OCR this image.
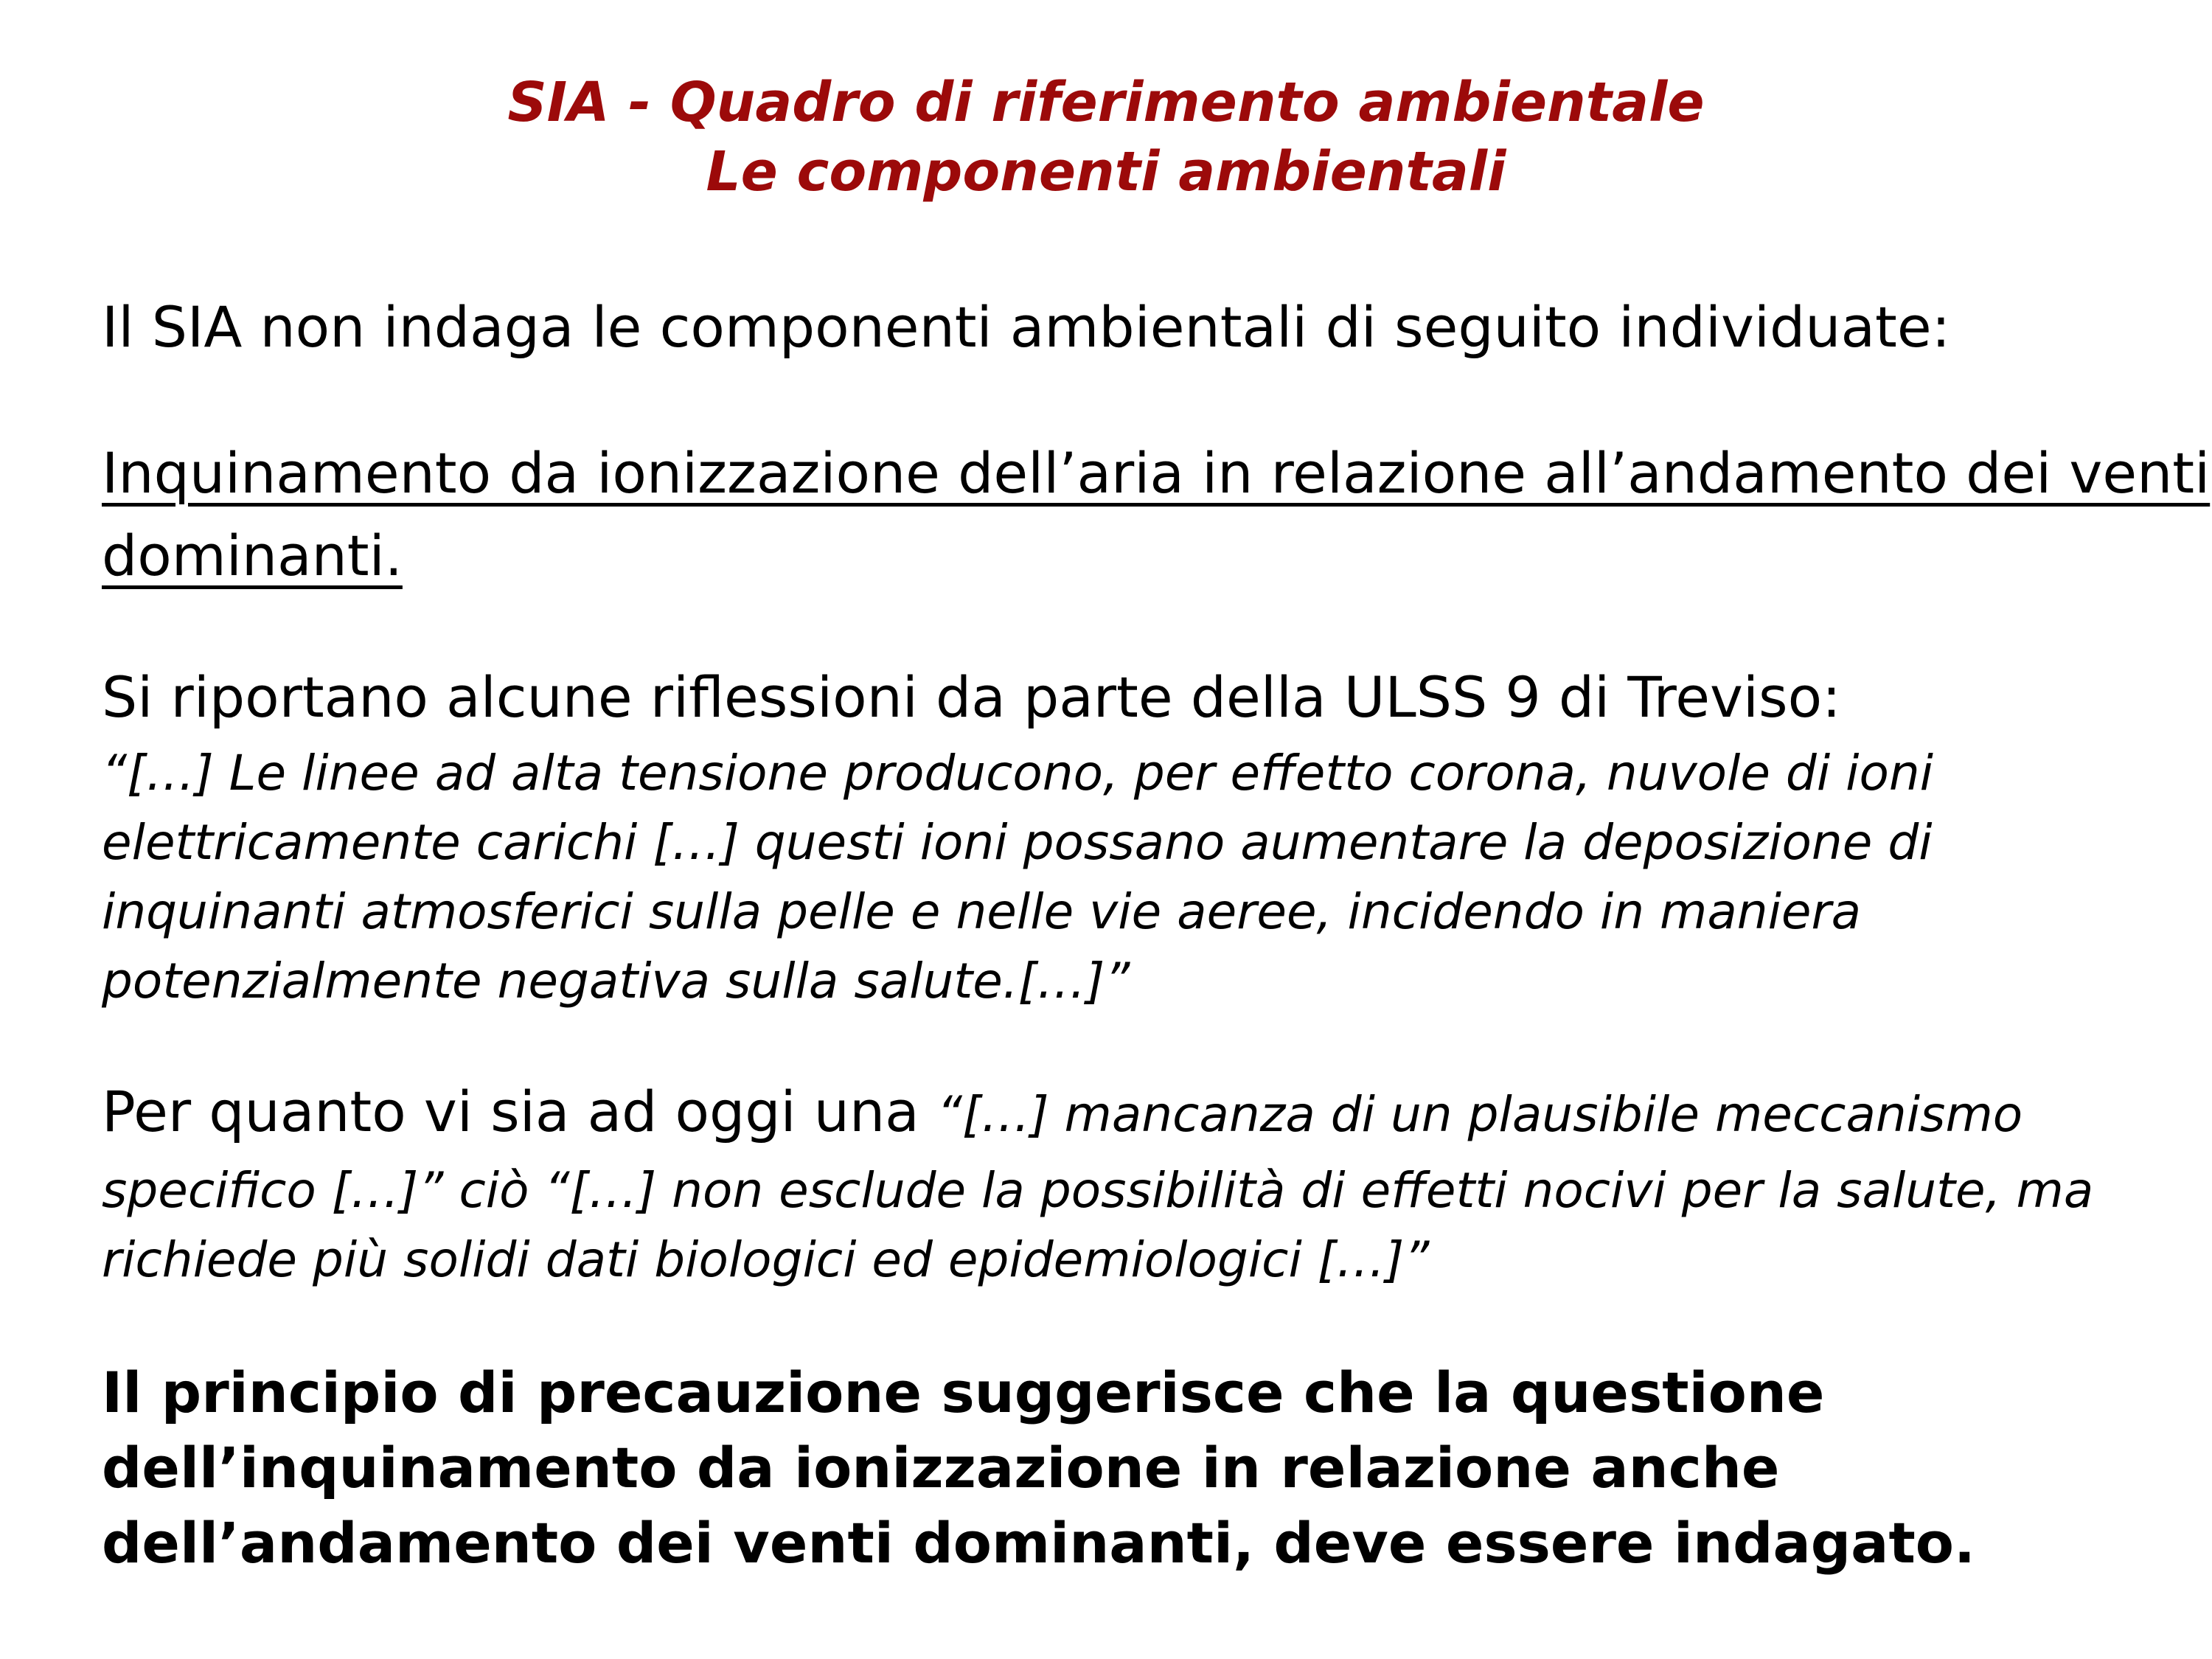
SIA - Quadro di riferimento ambientale
Le componenti ambientali
Il SIA non indaga le componenti ambientali di seguito individuate:
Inquinamento da ionizzazione dell’aria in relazione all’andamento dei venti
dominanti.
Si riportano alcune riflessioni da parte della ULSS 9 di Treviso:
“[…] Le linee ad alta tensione producono, per effetto corona, nuvole di ioni
elettricamente carichi […] questi ioni possano aumentare la deposizione di
inquinanti atmosferici sulla pelle e nelle vie aeree, incidendo in maniera
potenzialmente negativa sulla salute.[…]”
Per quanto vi sia ad oggi una “[…] mancanza di un plausibile meccanismo
specifico […]” ciò “[…] non esclude la possibilità di effetti nocivi per la salute, ma
richiede più solidi dati biologici ed epidemiologici […]”
Il principio di precauzione suggerisce che la questione
dell’inquinamento da ionizzazione in relazione anche
dell’andamento dei venti dominanti, deve essere indagato.
